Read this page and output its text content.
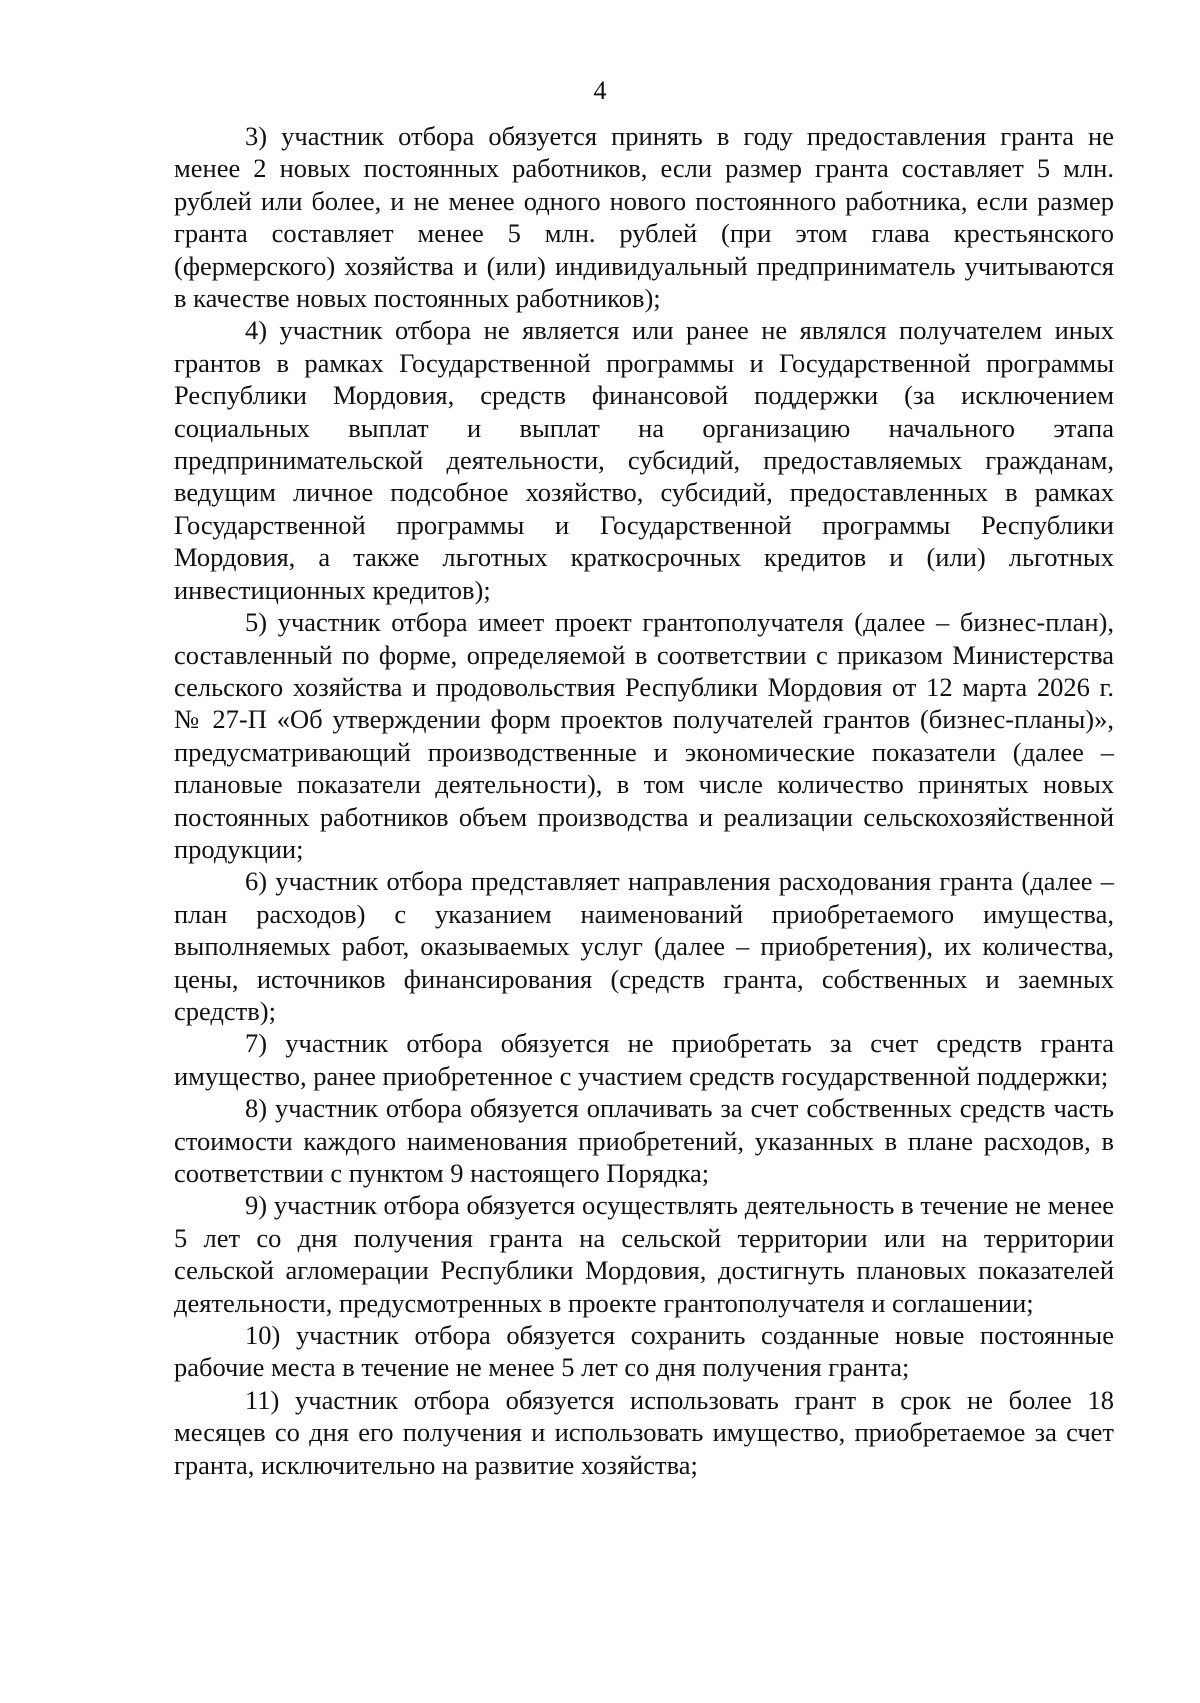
4

3) участник отбора обязуется принять в году предоставления гранта не менее 2 новых постоянных работников, если размер гранта составляет 5 млн. рублей или более, и не менее одного нового постоянного работника, если размер гранта составляет менее 5 млн. рублей (при этом глава крестьянского (фермерского) хозяйства и (или) индивидуальный предприниматель учитываются в качестве новых постоянных работников);

4) участник отбора не является или ранее не являлся получателем иных грантов в рамках Государственной программы и Государственной программы Республики Мордовия, средств финансовой поддержки (за исключением социальных выплат и выплат на организацию начального этапа предпринимательской деятельности, субсидий, предоставляемых гражданам, ведущим личное подсобное хозяйство, субсидий, предоставленных в рамках Государственной программы и Государственной программы Республики Мордовия, а также льготных краткосрочных кредитов и (или) льготных инвестиционных кредитов);

5) участник отбора имеет проект грантополучателя (далее – бизнес-план), составленный по форме, определяемой в соответствии с приказом Министерства сельского хозяйства и продовольствия Республики Мордовия от 12 марта 2026 г. № 27-П «Об утверждении форм проектов получателей грантов (бизнес-планы)», предусматривающий производственные и экономические показатели (далее – плановые показатели деятельности), в том числе количество принятых новых постоянных работников объем производства и реализации сельскохозяйственной продукции;

6) участник отбора представляет направления расходования гранта (далее – план расходов) с указанием наименований приобретаемого имущества, выполняемых работ, оказываемых услуг (далее – приобретения), их количества, цены, источников финансирования (средств гранта, собственных и заемных средств);

7) участник отбора обязуется не приобретать за счет средств гранта имущество, ранее приобретенное с участием средств государственной поддержки;

8) участник отбора обязуется оплачивать за счет собственных средств часть стоимости каждого наименования приобретений, указанных в плане расходов, в соответствии с пунктом 9 настоящего Порядка;

9) участник отбора обязуется осуществлять деятельность в течение не менее 5 лет со дня получения гранта на сельской территории или на территории сельской агломерации Республики Мордовия, достигнуть плановых показателей деятельности, предусмотренных в проекте грантополучателя и соглашении;

10) участник отбора обязуется сохранить созданные новые постоянные рабочие места в течение не менее 5 лет со дня получения гранта;

11) участник отбора обязуется использовать грант в срок не более 18 месяцев со дня его получения и использовать имущество, приобретаемое за счет гранта, исключительно на развитие хозяйства;
